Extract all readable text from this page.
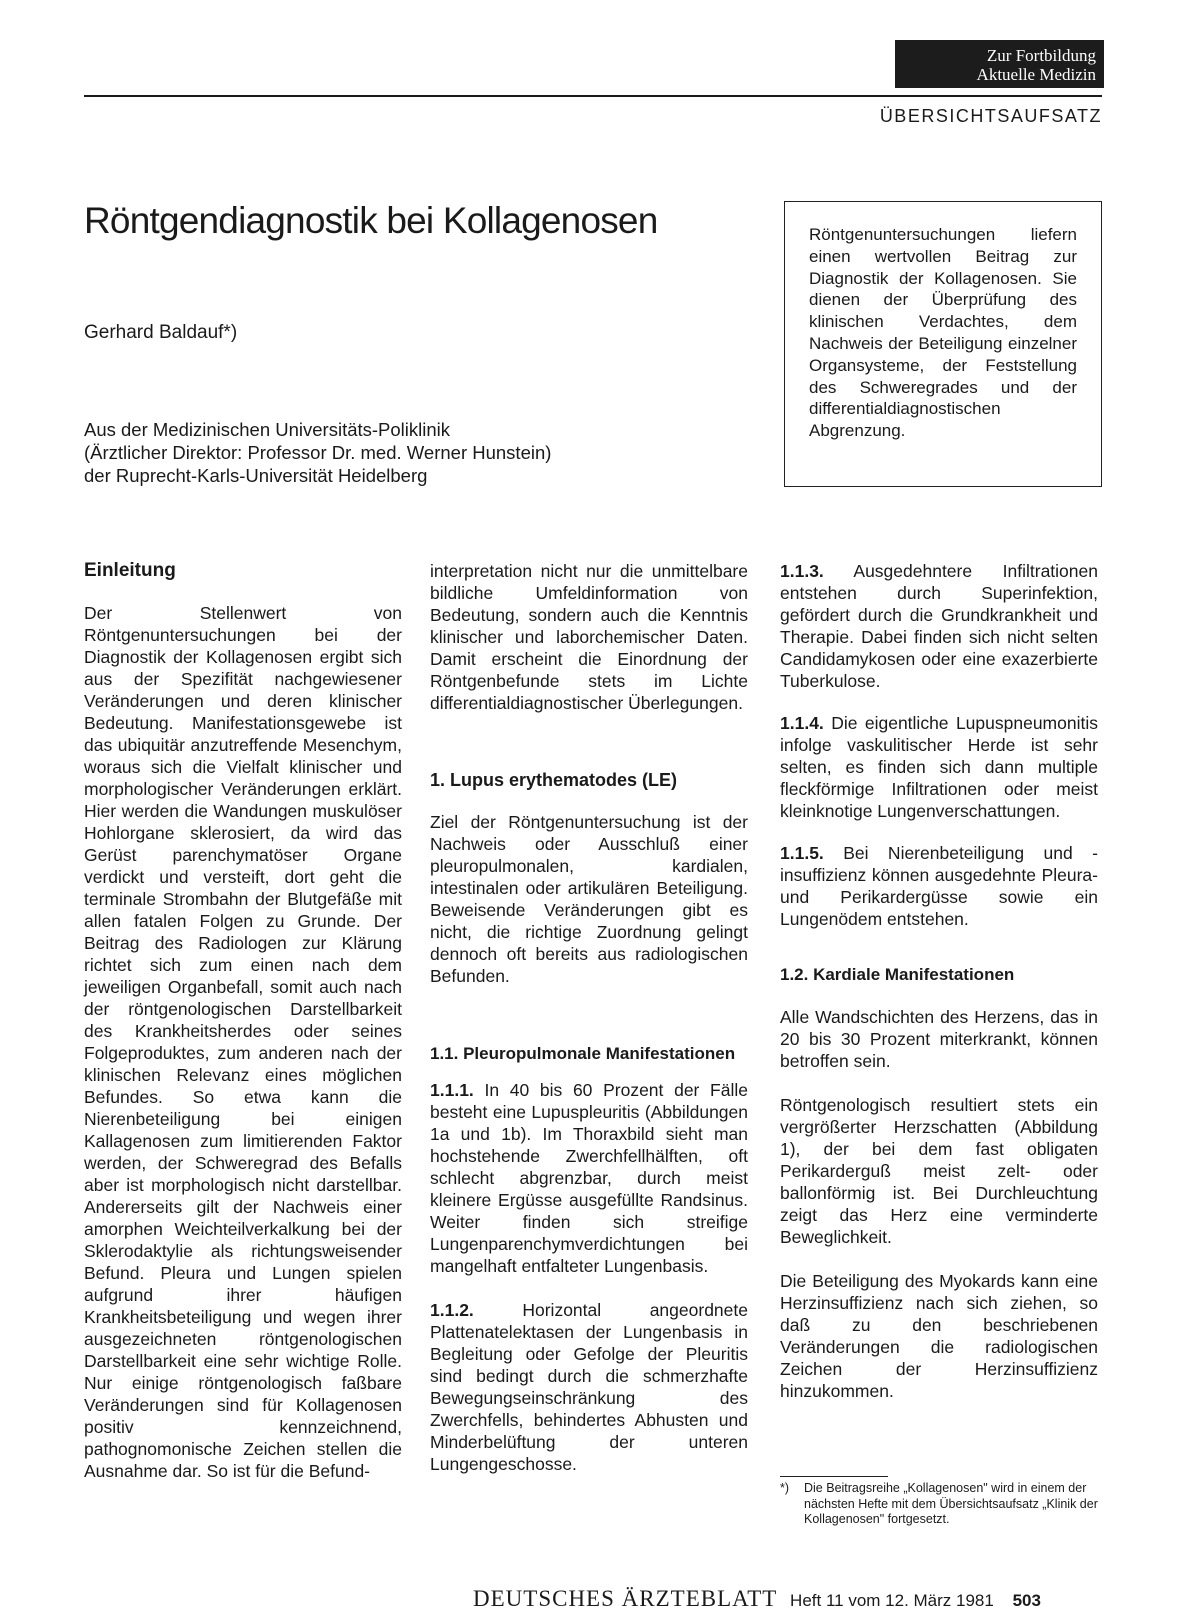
Zur Fortbildung
Aktuelle Medizin
ÜBERSICHTSAUFSATZ
Röntgendiagnostik bei Kollagenosen
Gerhard Baldauf*)
Aus der Medizinischen Universitäts-Poliklinik
(Ärztlicher Direktor: Professor Dr. med. Werner Hunstein)
der Ruprecht-Karls-Universität Heidelberg
Röntgenuntersuchungen liefern einen wertvollen Beitrag zur Diagnostik der Kollagenosen. Sie dienen der Überprüfung des klinischen Verdachtes, dem Nachweis der Beteiligung einzelner Organsysteme, der Feststellung des Schweregrades und der differentialdiagnostischen Abgrenzung.
Einleitung

Der Stellenwert von Röntgenuntersuchungen bei der Diagnostik der Kollagenosen ergibt sich aus der Spezifität nachgewiesener Veränderungen und deren klinischer Bedeutung. Manifestationsgewebe ist das ubiquitär anzutreffende Mesenchym, woraus sich die Vielfalt klinischer und morphologischer Veränderungen erklärt. Hier werden die Wandungen muskulöser Hohlorgane sklerosiert, da wird das Gerüst parenchymatöser Organe verdickt und versteift, dort geht die terminale Strombahn der Blutgefäße mit allen fatalen Folgen zu Grunde. Der Beitrag des Radiologen zur Klärung richtet sich zum einen nach dem jeweiligen Organbefall, somit auch nach der röntgenologischen Darstellbarkeit des Krankheitsherdes oder seines Folgeproduktes, zum anderen nach der klinischen Relevanz eines möglichen Befundes. So etwa kann die Nierenbeteiligung bei einigen Kallagenosen zum limitierenden Faktor werden, der Schweregrad des Befalls aber ist morphologisch nicht darstellbar. Andererseits gilt der Nachweis einer amorphen Weichteilverkalkung bei der Sklerodaktylie als richtungsweisender Befund. Pleura und Lungen spielen aufgrund ihrer häufigen Krankheitsbeteiligung und wegen ihrer ausgezeichneten röntgenologischen Darstellbarkeit eine sehr wichtige Rolle. Nur einige röntgenologisch faßbare Veränderungen sind für Kollagenosen positiv kennzeichnend, pathognomonische Zeichen stellen die Ausnahme dar. So ist für die Befund-

interpretation nicht nur die unmittelbare bildliche Umfeldinformation von Bedeutung, sondern auch die Kenntnis klinischer und laborchemischer Daten. Damit erscheint die Einordnung der Röntgenbefunde stets im Lichte differentialdiagnostischer Überlegungen.

1. Lupus erythematodes (LE)

Ziel der Röntgenuntersuchung ist der Nachweis oder Ausschluß einer pleuropulmonalen, kardialen, intestinalen oder artikulären Beteiligung. Beweisende Veränderungen gibt es nicht, die richtige Zuordnung gelingt dennoch oft bereits aus radiologischen Befunden.

1.1. Pleuropulmonale Manifestationen

1.1.1. In 40 bis 60 Prozent der Fälle besteht eine Lupuspleuritis (Abbildungen 1a und 1b). Im Thoraxbild sieht man hochstehende Zwerchfellhälften, oft schlecht abgrenzbar, durch meist kleinere Ergüsse ausgefüllte Randsinus. Weiter finden sich streifige Lungenparenchymverdichtungen bei mangelhaft entfalteter Lungenbasis.

1.1.2.	Horizontal angeordnete Plattenatelektasen der Lungenbasis in Begleitung oder Gefolge der Pleuritis sind bedingt durch die schmerzhafte Bewegungseinschränkung des Zwerchfells, behindertes Abhusten und Minderbelüftung der unteren Lungengeschosse.

1.1.3. Ausgedehntere Infiltrationen entstehen durch Superinfektion, gefördert durch die Grundkrankheit und Therapie. Dabei finden sich nicht selten Candidamykosen oder eine exazerbierte Tuberkulose.

1.1.4. Die eigentliche Lupuspneumonitis infolge vaskulitischer Herde ist sehr selten, es finden sich dann multiple fleckförmige Infiltrationen oder meist kleinknotige Lungenverschattungen.

1.1.5. Bei Nierenbeteiligung und -insuffizienz können ausgedehnte Pleura- und Perikardergüsse sowie ein Lungenödem entstehen.

1.2. Kardiale Manifestationen

Alle Wandschichten des Herzens, das in 20 bis 30 Prozent miterkrankt, können betroffen sein.

Röntgenologisch resultiert stets ein vergrößerter Herzschatten (Abbildung 1), der bei dem fast obligaten Perikarderguß meist zelt- oder ballonförmig ist. Bei Durchleuchtung zeigt das Herz eine verminderte Beweglichkeit.

Die Beteiligung des Myokards kann eine Herzinsuffizienz nach sich ziehen, so daß zu den beschriebenen Veränderungen die radiologischen Zeichen der Herzinsuffizienz hinzukommen.

*)	Die Beitragsreihe „Kollagenosen" wird in einem der nächsten Hefte mit dem Übersichtsaufsatz „Klinik der Kollagenosen" fortgesetzt.
DEUTSCHES ÄRZTEBLATT Heft 11 vom 12. März 1981 503
